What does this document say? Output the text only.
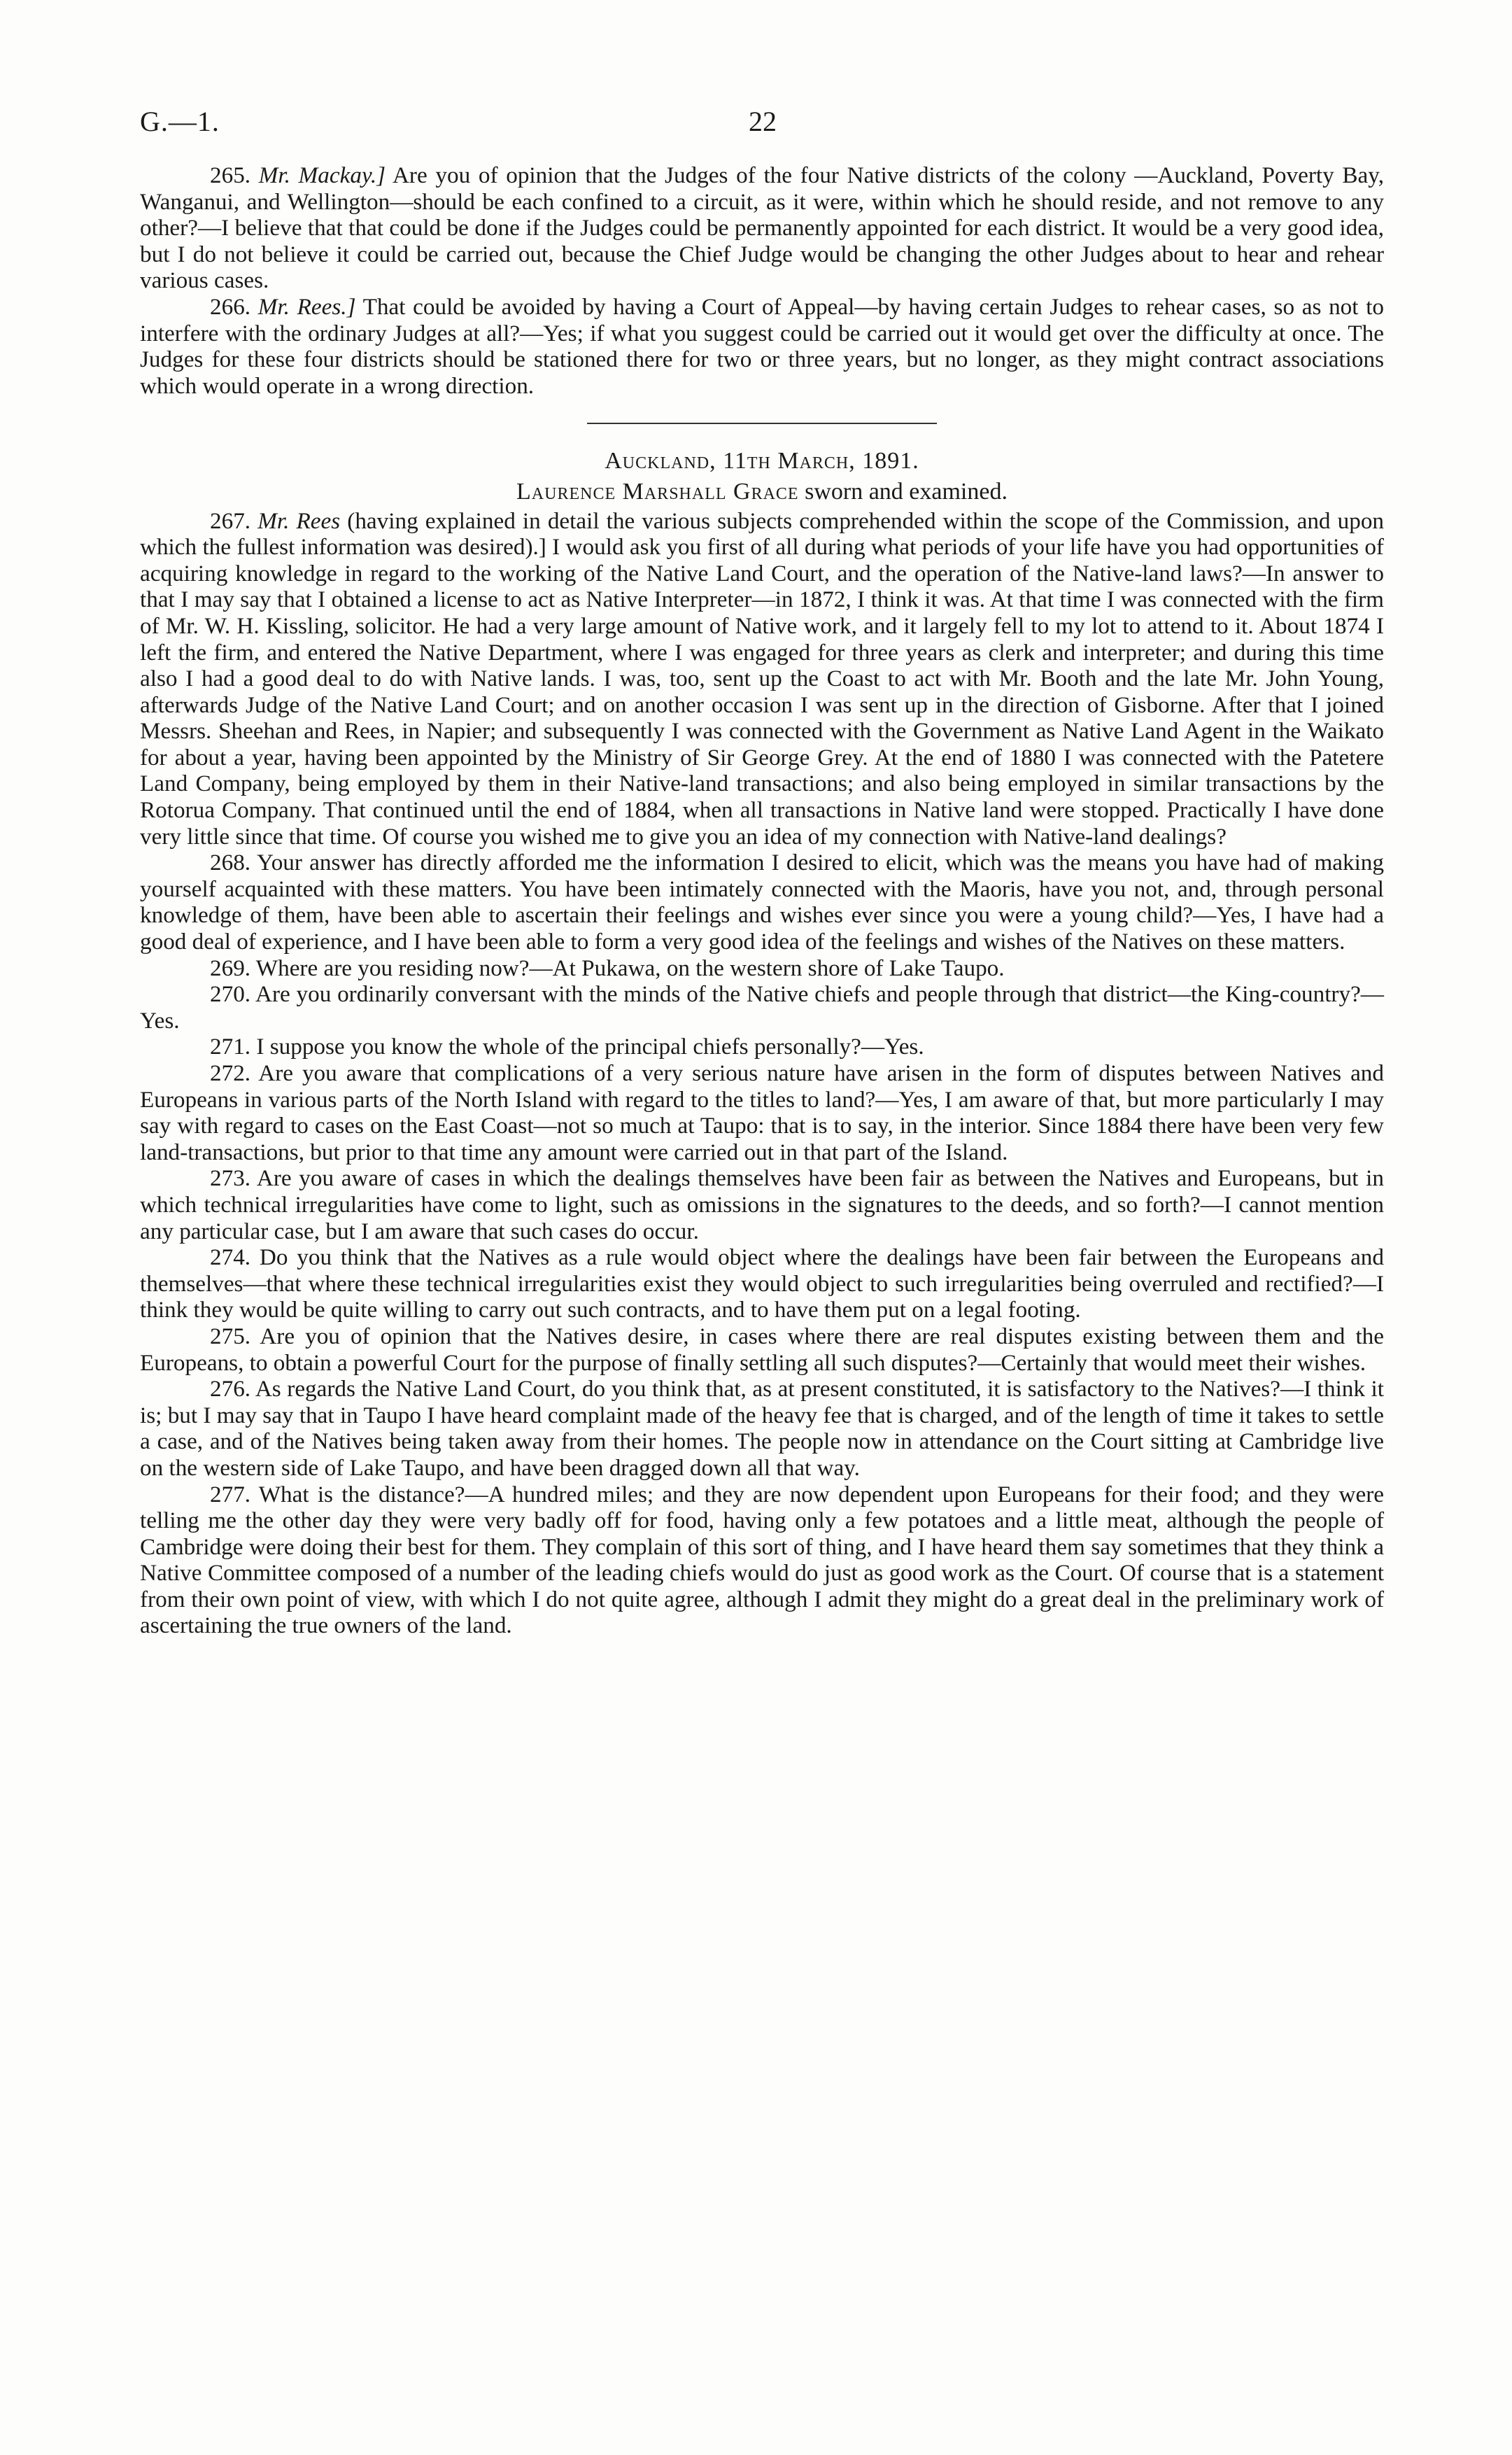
G.—1.	22

265. Mr. Mackay.] Are you of opinion that the Judges of the four Native districts of the colony —Auckland, Poverty Bay, Wanganui, and Wellington—should be each confined to a circuit, as it were, within which he should reside, and not remove to any other?—I believe that that could be done if the Judges could be permanently appointed for each district. It would be a very good idea, but I do not believe it could be carried out, because the Chief Judge would be changing the other Judges about to hear and rehear various cases.

266. Mr. Rees.] That could be avoided by having a Court of Appeal—by having certain Judges to rehear cases, so as not to interfere with the ordinary Judges at all?—Yes; if what you suggest could be carried out it would get over the difficulty at once. The Judges for these four districts should be stationed there for two or three years, but no longer, as they might contract associations which would operate in a wrong direction.

Auckland, 11th March, 1891.

Laurence Marshall Grace sworn and examined.

267. Mr. Rees (having explained in detail the various subjects comprehended within the scope of the Commission, and upon which the fullest information was desired).] I would ask you first of all during what periods of your life have you had opportunities of acquiring knowledge in regard to the working of the Native Land Court, and the operation of the Native-land laws?—In answer to that I may say that I obtained a license to act as Native Interpreter—in 1872, I think it was. At that time I was connected with the firm of Mr. W. H. Kissling, solicitor. He had a very large amount of Native work, and it largely fell to my lot to attend to it. About 1874 I left the firm, and entered the Native Department, where I was engaged for three years as clerk and interpreter; and during this time also I had a good deal to do with Native lands. I was, too, sent up the Coast to act with Mr. Booth and the late Mr. John Young, afterwards Judge of the Native Land Court; and on another occasion I was sent up in the direction of Gisborne. After that I joined Messrs. Sheehan and Rees, in Napier; and subsequently I was connected with the Government as Native Land Agent in the Waikato for about a year, having been appointed by the Ministry of Sir George Grey. At the end of 1880 I was connected with the Patetere Land Company, being employed by them in their Native-land transactions; and also being employed in similar transactions by the Rotorua Company. That continued until the end of 1884, when all transactions in Native land were stopped. Practically I have done very little since that time. Of course you wished me to give you an idea of my connection with Native-land dealings?

268. Your answer has directly afforded me the information I desired to elicit, which was the means you have had of making yourself acquainted with these matters. You have been intimately connected with the Maoris, have you not, and, through personal knowledge of them, have been able to ascertain their feelings and wishes ever since you were a young child?—Yes, I have had a good deal of experience, and I have been able to form a very good idea of the feelings and wishes of the Natives on these matters.

269. Where are you residing now?—At Pukawa, on the western shore of Lake Taupo.

270. Are you ordinarily conversant with the minds of the Native chiefs and people through that district—the King-country?—Yes.

271. I suppose you know the whole of the principal chiefs personally?—Yes.

272. Are you aware that complications of a very serious nature have arisen in the form of disputes between Natives and Europeans in various parts of the North Island with regard to the titles to land?—Yes, I am aware of that, but more particularly I may say with regard to cases on the East Coast—not so much at Taupo: that is to say, in the interior. Since 1884 there have been very few land-transactions, but prior to that time any amount were carried out in that part of the Island.

273. Are you aware of cases in which the dealings themselves have been fair as between the Natives and Europeans, but in which technical irregularities have come to light, such as omissions in the signatures to the deeds, and so forth?—I cannot mention any particular case, but I am aware that such cases do occur.

274. Do you think that the Natives as a rule would object where the dealings have been fair between the Europeans and themselves—that where these technical irregularities exist they would object to such irregularities being overruled and rectified?—I think they would be quite willing to carry out such contracts, and to have them put on a legal footing.

275. Are you of opinion that the Natives desire, in cases where there are real disputes existing between them and the Europeans, to obtain a powerful Court for the purpose of finally settling all such disputes?—Certainly that would meet their wishes.

276. As regards the Native Land Court, do you think that, as at present constituted, it is satisfactory to the Natives?—I think it is; but I may say that in Taupo I have heard complaint made of the heavy fee that is charged, and of the length of time it takes to settle a case, and of the Natives being taken away from their homes. The people now in attendance on the Court sitting at Cambridge live on the western side of Lake Taupo, and have been dragged down all that way.

277. What is the distance?—A hundred miles; and they are now dependent upon Europeans for their food; and they were telling me the other day they were very badly off for food, having only a few potatoes and a little meat, although the people of Cambridge were doing their best for them. They complain of this sort of thing, and I have heard them say sometimes that they think a Native Committee composed of a number of the leading chiefs would do just as good work as the Court. Of course that is a statement from their own point of view, with which I do not quite agree, although I admit they might do a great deal in the preliminary work of ascertaining the true owners of the land.
